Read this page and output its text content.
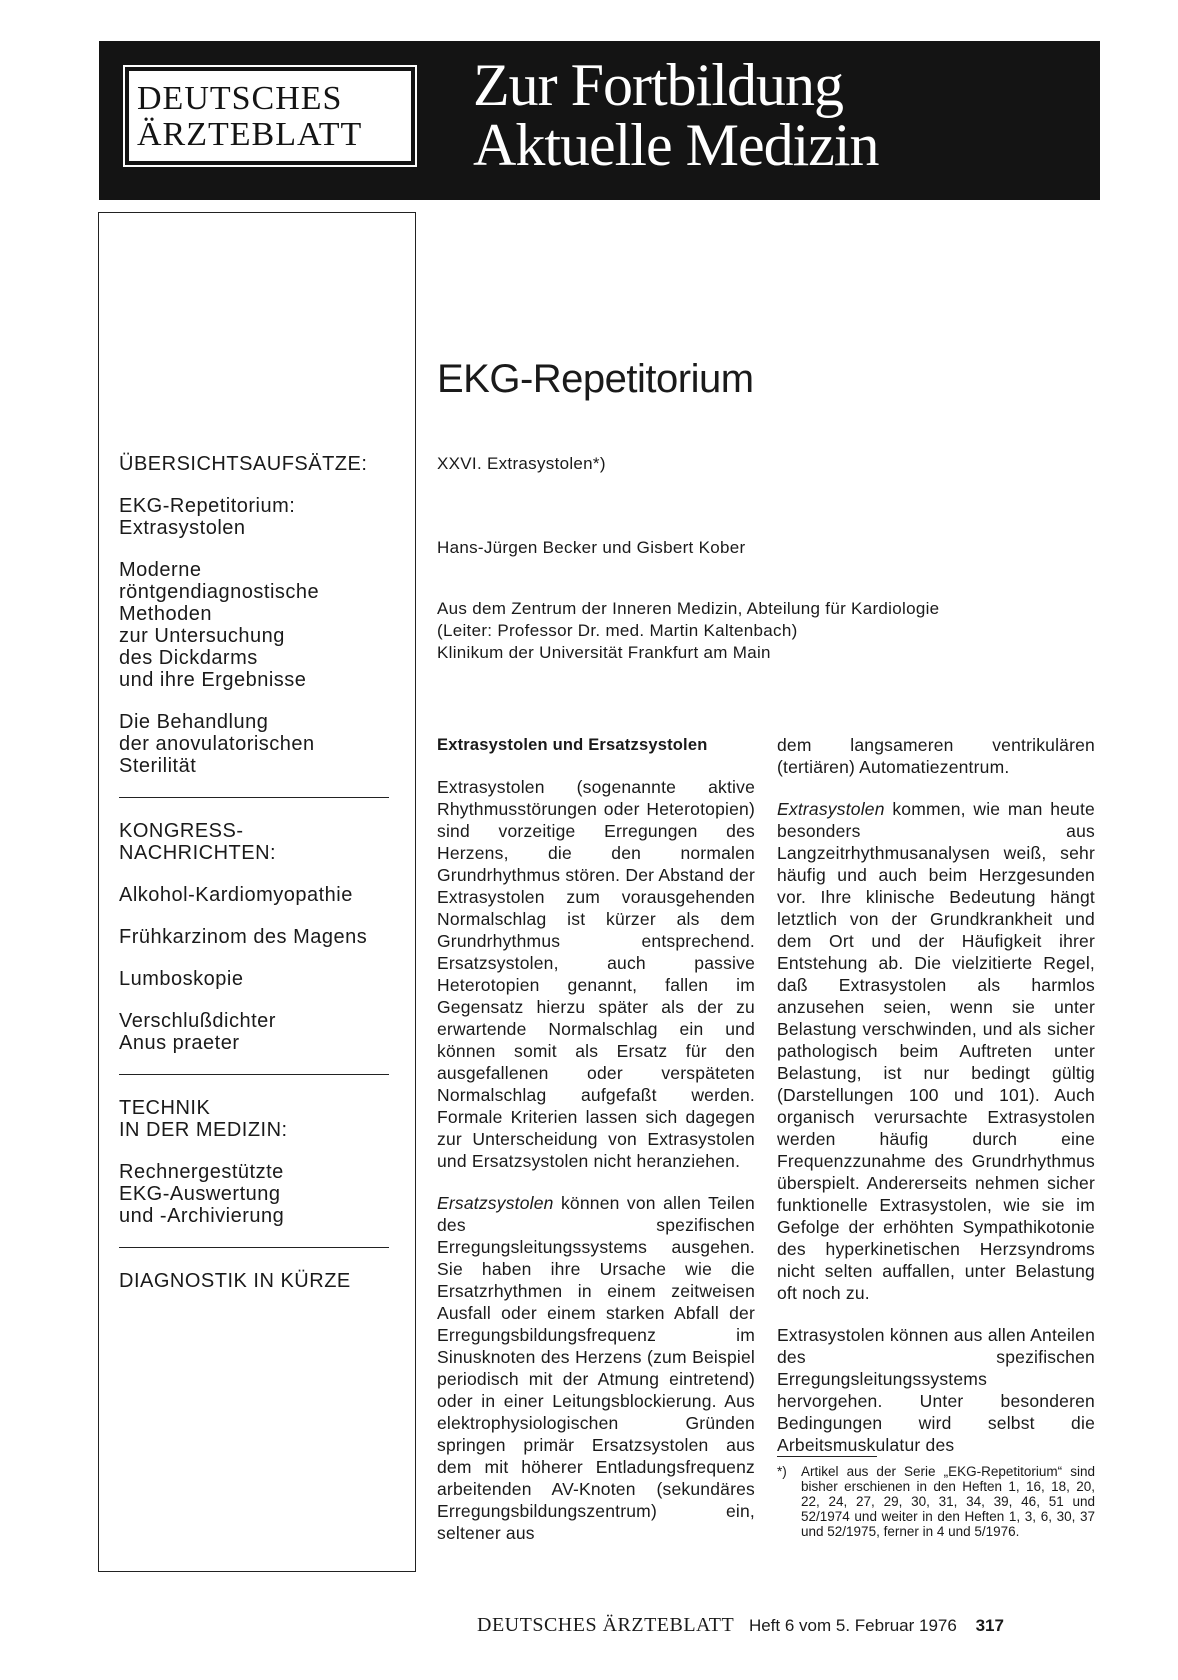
DEUTSCHES
ÄRZTEBLATT
Zur Fortbildung
Aktuelle Medizin
ÜBERSICHTSAUFSÄTZE:
EKG-Repetitorium:
Extrasystolen
Moderne
röntgendiagnostische
Methoden
zur Untersuchung
des Dickdarms
und ihre Ergebnisse
Die Behandlung
der anovulatorischen
Sterilität
KONGRESS-
NACHRICHTEN:
Alkohol-Kardiomyopathie
Frühkarzinom des Magens
Lumboskopie
Verschlußdichter
Anus praeter
TECHNIK
IN DER MEDIZIN:
Rechnergestützte
EKG-Auswertung
und -Archivierung
DIAGNOSTIK IN KÜRZE
EKG-Repetitorium
XXVI. Extrasystolen*)
Hans-Jürgen Becker und Gisbert Kober
Aus dem Zentrum der Inneren Medizin, Abteilung für Kardiologie
(Leiter: Professor Dr. med. Martin Kaltenbach)
Klinikum der Universität Frankfurt am Main
Extrasystolen und Ersatzsystolen

Extrasystolen (sogenannte aktive Rhythmusstörungen oder Heterotopien) sind vorzeitige Erregungen des Herzens, die den normalen Grundrhythmus stören. Der Abstand der Extrasystolen zum vorausgehenden Normalschlag ist kürzer als dem Grundrhythmus entsprechend. Ersatzsystolen, auch passive Heterotopien genannt, fallen im Gegensatz hierzu später als der zu erwartende Normalschlag ein und können somit als Ersatz für den ausgefallenen oder verspäteten Normalschlag aufgefaßt werden. Formale Kriterien lassen sich dagegen zur Unterscheidung von Extrasystolen und Ersatzsystolen nicht heranziehen.

Ersatzsystolen können von allen Teilen des spezifischen Erregungsleitungssystems ausgehen. Sie haben ihre Ursache wie die Ersatzrhythmen in einem zeitweisen Ausfall oder einem starken Abfall der Erregungsbildungsfrequenz im Sinusknoten des Herzens (zum Beispiel periodisch mit der Atmung eintretend) oder in einer Leitungsblockierung. Aus elektrophysiologischen Gründen springen primär Ersatzsystolen aus dem mit höherer Entladungsfrequenz arbeitenden AV-Knoten (sekundäres Erregungsbildungszentrum) ein, seltener aus

dem langsameren ventrikulären (tertiären) Automatiezentrum.

Extrasystolen kommen, wie man heute besonders aus Langzeitrhythmusanalysen weiß, sehr häufig und auch beim Herzgesunden vor. Ihre klinische Bedeutung hängt letztlich von der Grundkrankheit und dem Ort und der Häufigkeit ihrer Entstehung ab. Die vielzitierte Regel, daß Extrasystolen als harmlos anzusehen seien, wenn sie unter Belastung verschwinden, und als sicher pathologisch beim Auftreten unter Belastung, ist nur bedingt gültig (Darstellungen 100 und 101). Auch organisch verursachte Extrasystolen werden häufig durch eine Frequenzzunahme des Grundrhythmus überspielt. Andererseits nehmen sicher funktionelle Extrasystolen, wie sie im Gefolge der erhöhten Sympathikotonie des hyperkinetischen Herzsyndroms nicht selten auffallen, unter Belastung oft noch zu.

Extrasystolen können aus allen Anteilen des spezifischen Erregungsleitungssystems hervorgehen. Unter besonderen Bedingungen wird selbst die Arbeitsmuskulatur des

*)	Artikel aus der Serie „EKG-Repetitorium“ sind bisher erschienen in den Heften 1, 16, 18, 20, 22, 24, 27, 29, 30, 31, 34, 39, 46, 51 und 52/1974 und weiter in den Heften 1, 3, 6, 30, 37 und 52/1975, ferner in 4 und 5/1976.
DEUTSCHES ÄRZTEBLATT Heft 6 vom 5. Februar 1976 317
